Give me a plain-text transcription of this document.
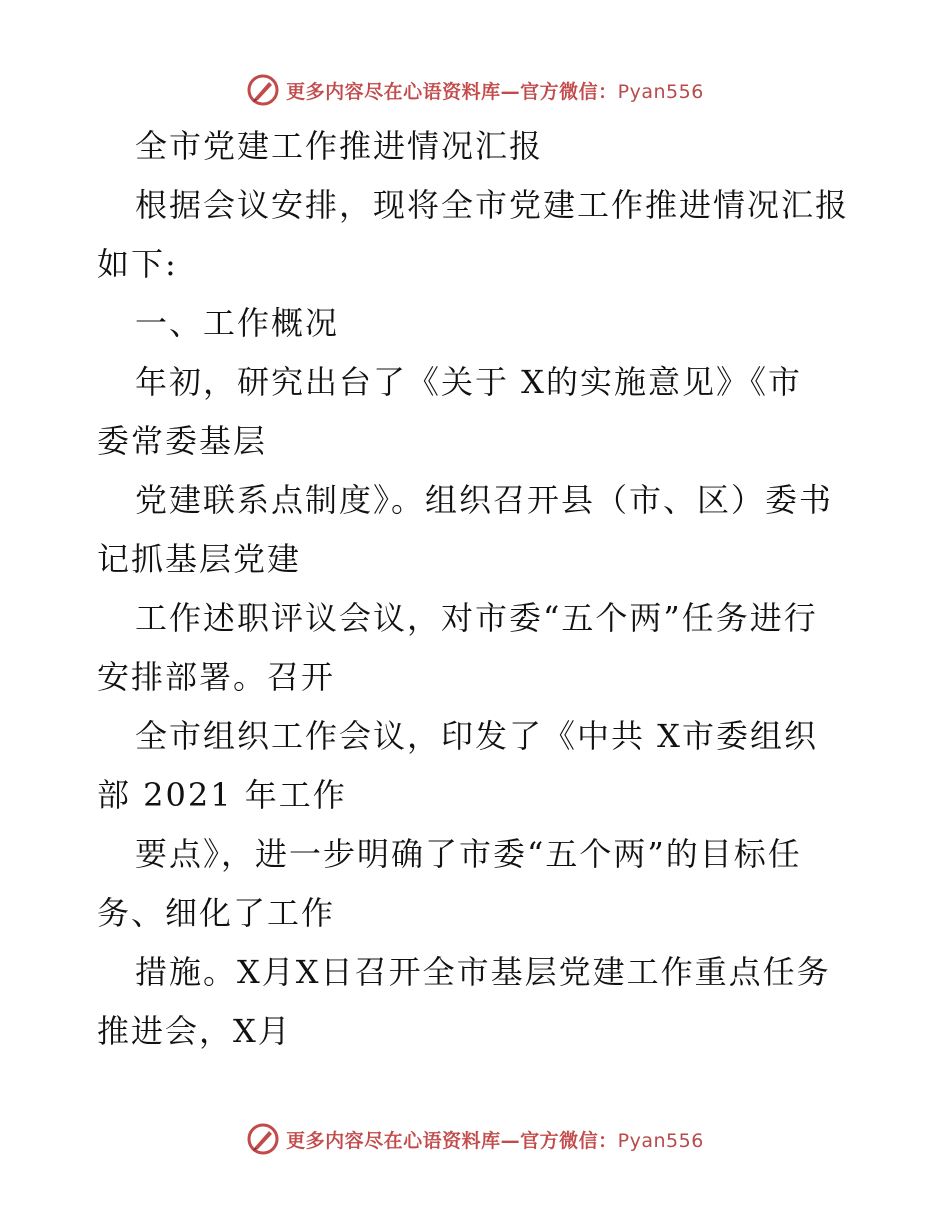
更多内容尽在心语资料库—官方微信：Pyan556
全市党建工作推进情况汇报
根据会议安排，现将全市党建工作推进情况汇报
如下:
一、工作概况
年初，研究出台了《关于 X的实施意见》《市
委常委基层
党建联系点制度》。组织召开县（市、区）委书
记抓基层党建
工作述职评议会议，对市委“五个两”任务进行
安排部署。召开
全市组织工作会议，印发了《中共 X市委组织
部 2021 年工作
要点》，进一步明确了市委“五个两”的目标任
务、细化了工作
措施。X月X日召开全市基层党建工作重点任务
推进会，X月
更多内容尽在心语资料库—官方微信：Pyan556
